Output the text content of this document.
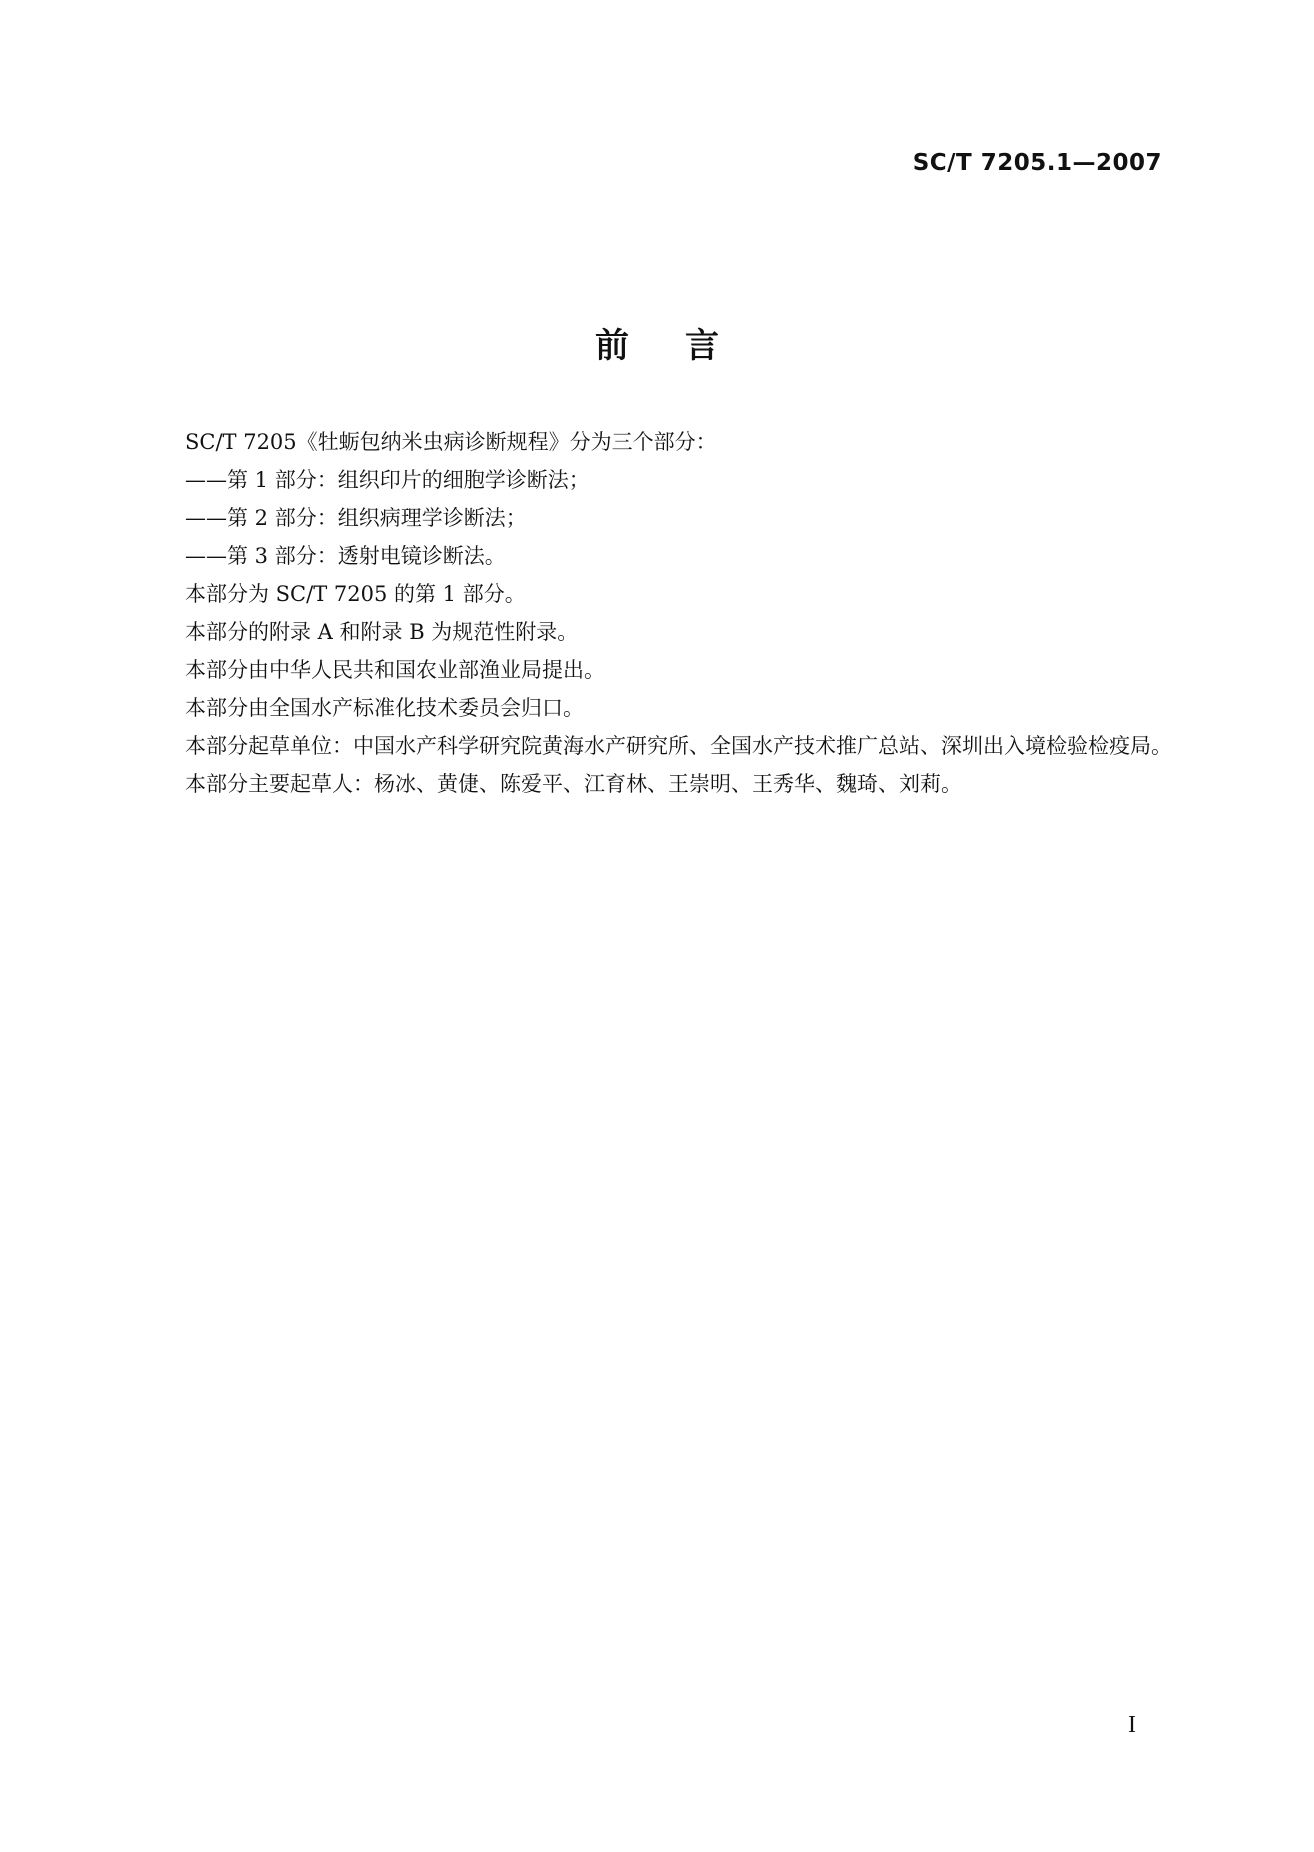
SC/T 7205.1—2007
前言

SC/T 7205《牡蛎包纳米虫病诊断规程》分为三个部分：

——第 1 部分：组织印片的细胞学诊断法；

——第 2 部分：组织病理学诊断法；

——第 3 部分：透射电镜诊断法。

本部分为 SC/T 7205 的第 1 部分。

本部分的附录 A 和附录 B 为规范性附录。

本部分由中华人民共和国农业部渔业局提出。

本部分由全国水产标准化技术委员会归口。

本部分起草单位：中国水产科学研究院黄海水产研究所、全国水产技术推广总站、深圳出入境检验检疫局。

本部分主要起草人：杨冰、黄倢、陈爱平、江育林、王崇明、王秀华、魏琦、刘莉。

I
